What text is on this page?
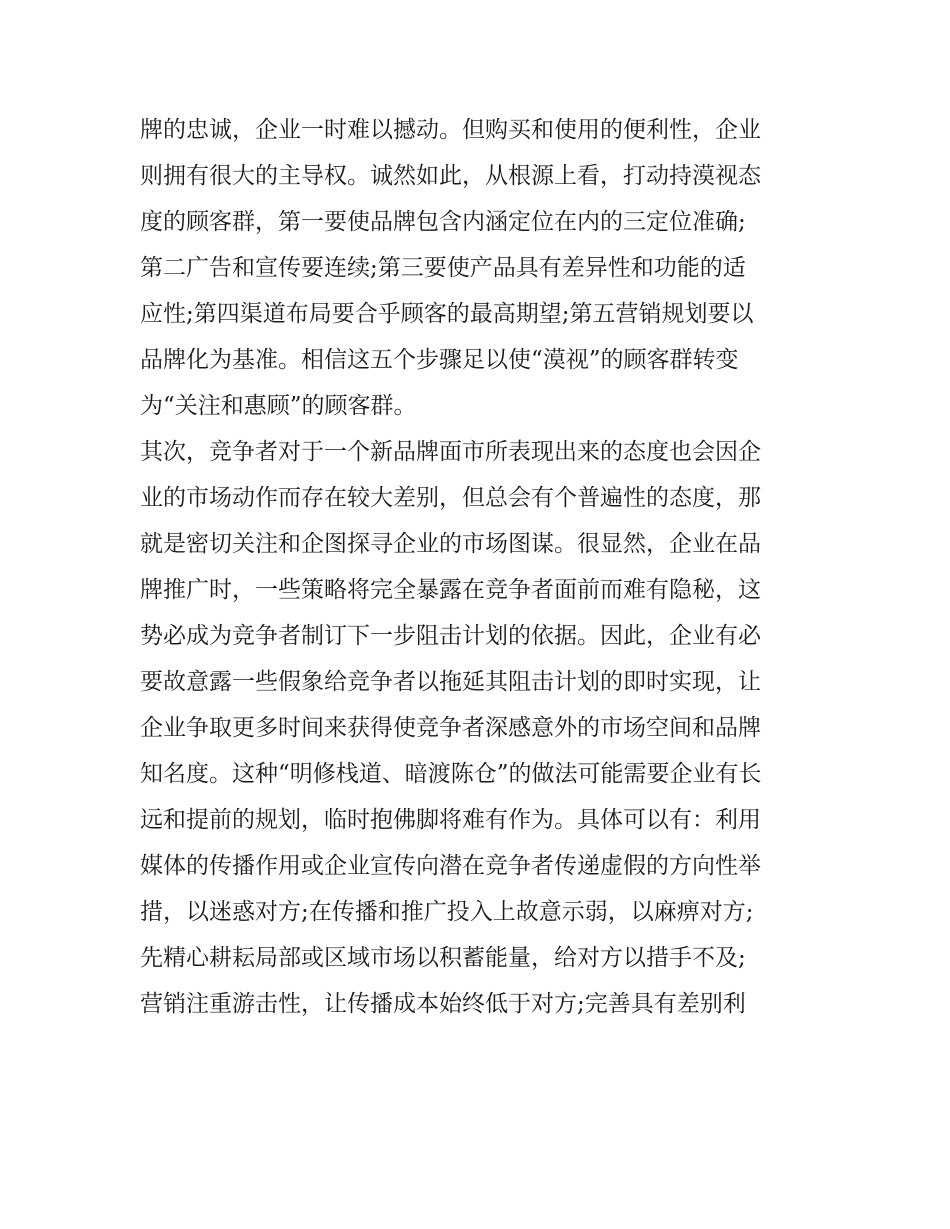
牌的忠诚，企业一时难以撼动。但购买和使用的便利性，企业
则拥有很大的主导权。诚然如此，从根源上看，打动持漠视态
度的顾客群，第一要使品牌包含内涵定位在内的三定位准确;
第二广告和宣传要连续;第三要使产品具有差异性和功能的适
应性;第四渠道布局要合乎顾客的最高期望;第五营销规划要以
品牌化为基准。相信这五个步骤足以使“漠视”的顾客群转变
为“关注和惠顾”的顾客群。
其次，竞争者对于一个新品牌面市所表现出来的态度也会因企
业的市场动作而存在较大差别，但总会有个普遍性的态度，那
就是密切关注和企图探寻企业的市场图谋。很显然，企业在品
牌推广时，一些策略将完全暴露在竞争者面前而难有隐秘，这
势必成为竞争者制订下一步阻击计划的依据。因此，企业有必
要故意露一些假象给竞争者以拖延其阻击计划的即时实现，让
企业争取更多时间来获得使竞争者深感意外的市场空间和品牌
知名度。这种“明修栈道、暗渡陈仓”的做法可能需要企业有长
远和提前的规划，临时抱佛脚将难有作为。具体可以有：利用
媒体的传播作用或企业宣传向潜在竞争者传递虚假的方向性举
措，以迷惑对方;在传播和推广投入上故意示弱，以麻痹对方;
先精心耕耘局部或区域市场以积蓄能量，给对方以措手不及;
营销注重游击性，让传播成本始终低于对方;完善具有差别利
